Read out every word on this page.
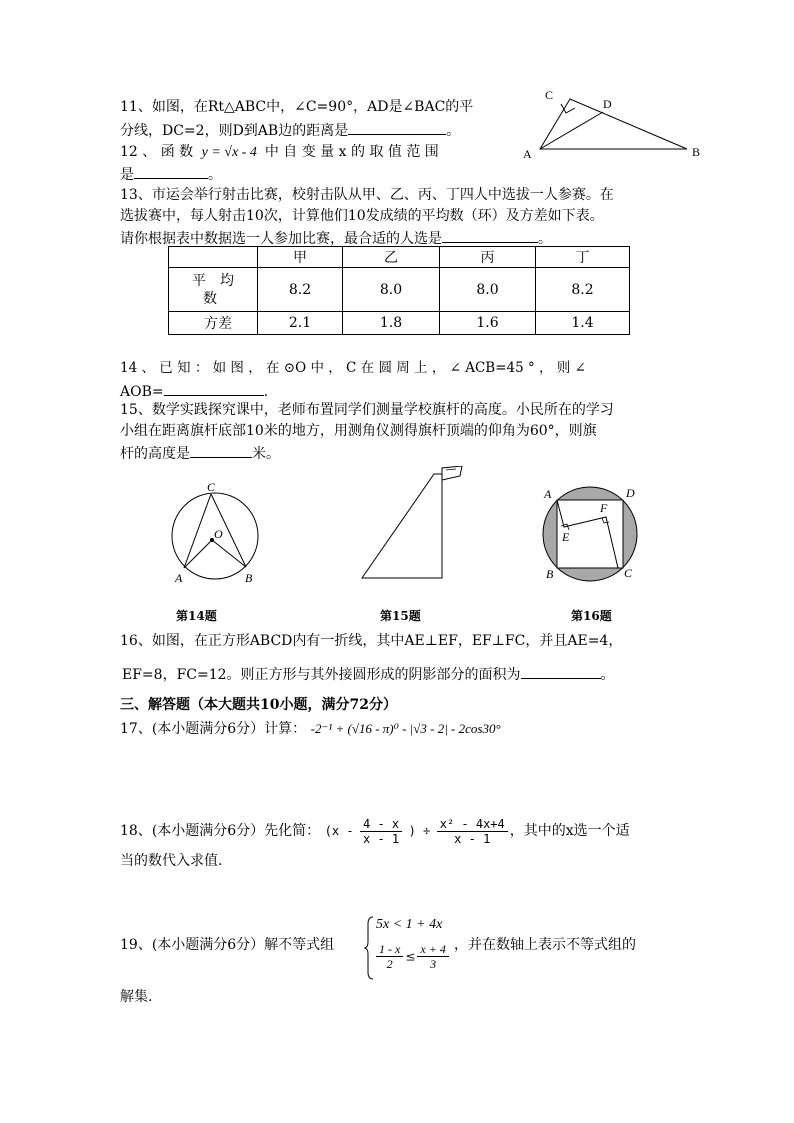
11、如图，在Rt△ABC中，∠C=90°，AD是∠BAC的平
分线，DC=2，则D到AB边的距离是	。
C
D
A	B
12 、 函 数 y = √x - 4 中 自 变 量 x 的 取 值 范 围
是	。
13、市运会举行射击比赛，校射击队从甲、乙、丙、丁四人中选拔一人参赛。在
选拔赛中，每人射击10次，计算他们10发成绩的平均数（环）及方差如下表。
请你根据表中数据选一人参加比赛，最合适的人选是	。
	甲	乙	丙	丁

平　均
数	8.2	8.0	8.0	8.2
方差	2.1	1.8	1.6	1.4
14 、 已 知 ： 如 图 ， 在 ⊙O 中 ， C 在 圆 周 上 ， ∠ ACB=45 ° ， 则 ∠
AOB=	.
15、数学实践探究课中，老师布置同学们测量学校旗杆的高度。小民所在的学习
小组在距离旗杆底部10米的地方，用测角仪测得旗杆顶端的仰角为60°，则旗
杆的高度是	米。
C
O
A	B
A	D
E
F
B	C
第14题	第15题	第16题
16、如图，在正方形ABCD内有一折线，其中AE⊥EF，EF⊥FC，并且AE=4，
EF=8，FC=12。则正方形与其外接圆形成的阴影部分的面积为	。
三、解答题（本大题共10小题，满分72分）
17、(本小题满分6分）计算： -2⁻¹ + (√16 - π)⁰ - |√3 - 2| - 2cos30°
18、(本小题满分6分）先化简： ($x - \frac{4 - x}{x - 1}$ ) ÷ $\frac{\text{x² - 4x+4}}{x - 1}$ ，其中的x选一个适
当的数代入求值.
19、(本小题满分6分）解不等式组
5x < 1 + 4x
$\frac{1 - x}{2} \le \frac{x + 4}{3}$ ，并在数轴上表示不等式组的
解集.
